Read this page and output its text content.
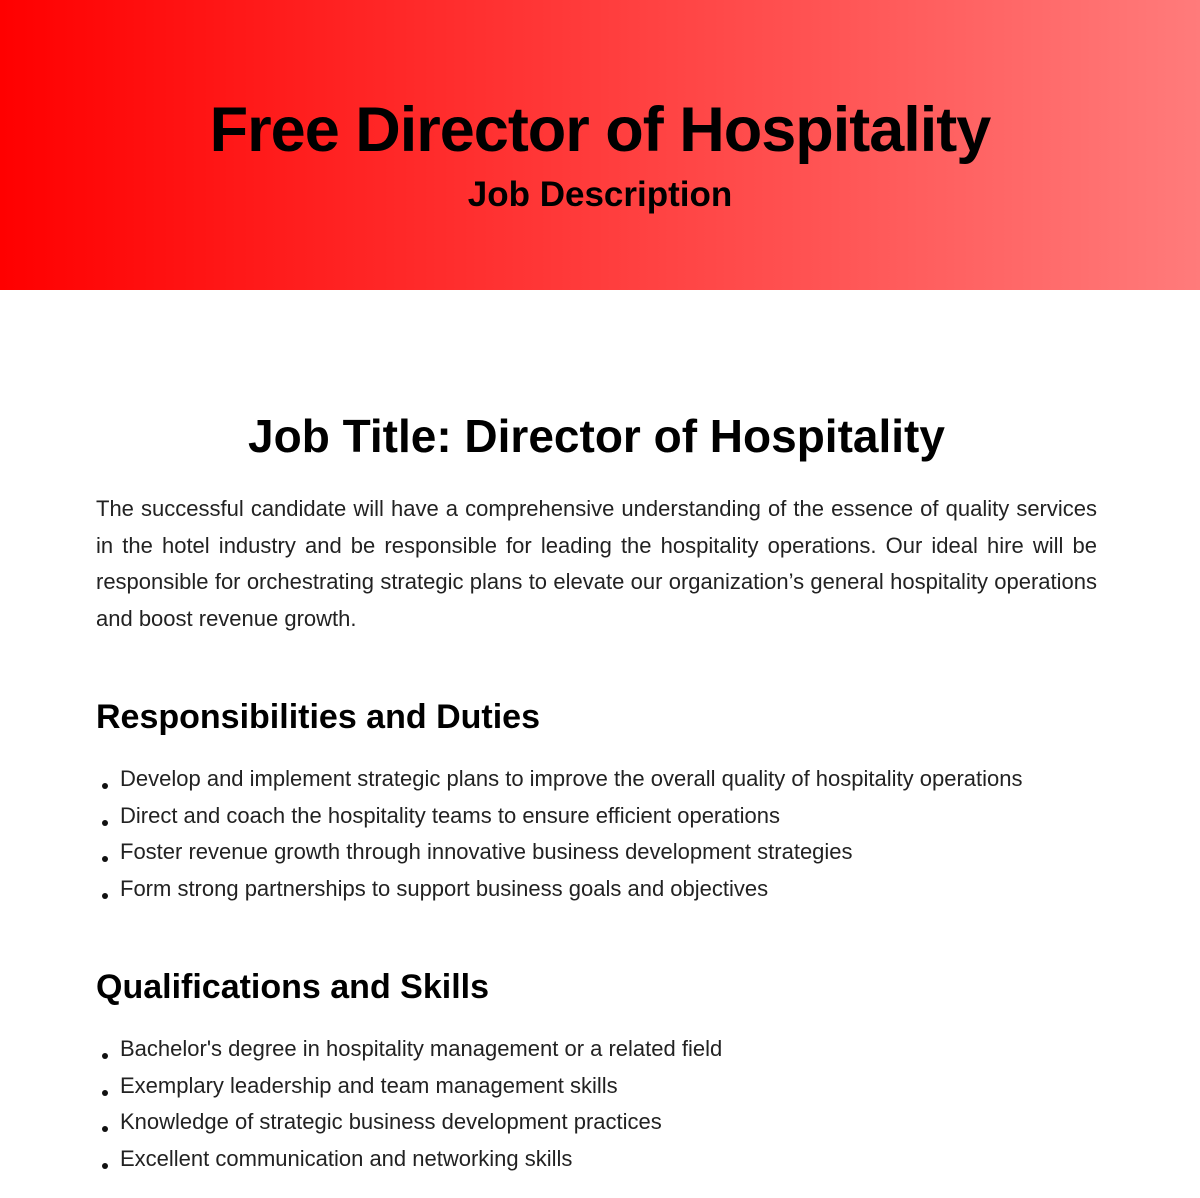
Free Director of Hospitality
Job Description
Job Title: Director of Hospitality

The successful candidate will have a comprehensive understanding of the essence of quality services in the hotel industry and be responsible for leading the hospitality operations. Our ideal hire will be responsible for orchestrating strategic plans to elevate our organization’s general hospitality operations and boost revenue growth.

Responsibilities and Duties
Develop and implement strategic plans to improve the overall quality of hospitality operations
Direct and coach the hospitality teams to ensure efficient operations
Foster revenue growth through innovative business development strategies
Form strong partnerships to support business goals and objectives
Qualifications and Skills
Bachelor's degree in hospitality management or a related field
Exemplary leadership and team management skills
Knowledge of strategic business development practices
Excellent communication and networking skills
